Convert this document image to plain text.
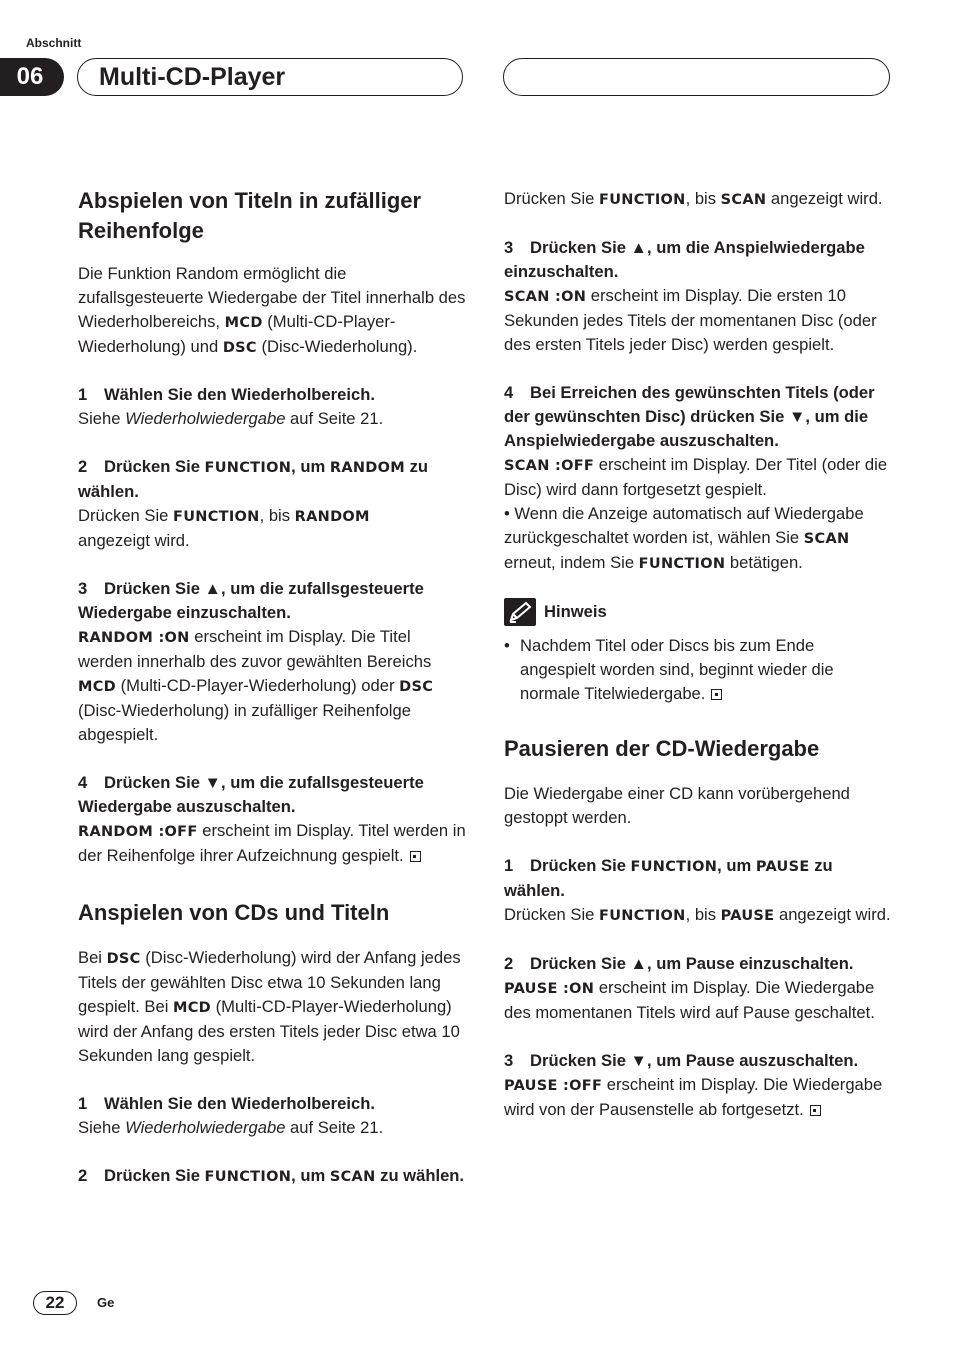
Abschnitt
06	Multi-CD-Player
Abspielen von Titeln in zufälliger Reihenfolge

Die Funktion Random ermöglicht die zufallsgesteuerte Wiedergabe der Titel innerhalb des Wiederholbereichs, MCD (Multi-CD-Player-Wiederholung) und DSC (Disc-Wiederholung).

1 Wählen Sie den Wiederholbereich.

Siehe Wiederholwiedergabe auf Seite 21.

2 Drücken Sie FUNCTION, um RANDOM zu wählen.

Drücken Sie FUNCTION, bis RANDOM
angezeigt wird.

3 Drücken Sie ▲, um die zufallsgesteuerte Wiedergabe einzuschalten.

RANDOM :ON erscheint im Display. Die Titel werden innerhalb des zuvor gewählten Bereichs MCD (Multi-CD-Player-Wiederholung) oder DSC (Disc-Wiederholung) in zufälliger Reihenfolge abgespielt.

4 Drücken Sie ▼, um die zufallsgesteuerte Wiedergabe auszuschalten.

RANDOM :OFF erscheint im Display. Titel werden in der Reihenfolge ihrer Aufzeichnung gespielt.

Anspielen von CDs und Titeln

Bei DSC (Disc-Wiederholung) wird der Anfang jedes Titels der gewählten Disc etwa 10 Sekunden lang gespielt. Bei MCD (Multi-CD-Player-Wiederholung) wird der Anfang des ersten Titels jeder Disc etwa 10 Sekunden lang gespielt.

1 Wählen Sie den Wiederholbereich.

Siehe Wiederholwiedergabe auf Seite 21.

2 Drücken Sie FUNCTION, um SCAN zu wählen.

Drücken Sie FUNCTION, bis SCAN angezeigt wird.

3 Drücken Sie ▲, um die Anspielwiedergabe einzuschalten.

SCAN :ON erscheint im Display. Die ersten 10 Sekunden jedes Titels der momentanen Disc (oder des ersten Titels jeder Disc) werden gespielt.

4 Bei Erreichen des gewünschten Titels (oder der gewünschten Disc) drücken Sie ▼, um die Anspielwiedergabe auszuschalten.

SCAN :OFF erscheint im Display. Der Titel (oder die Disc) wird dann fortgesetzt gespielt.

• Wenn die Anzeige automatisch auf Wiedergabe zurückgeschaltet worden ist, wählen Sie SCAN erneut, indem Sie FUNCTION betätigen.

Hinweis
• Nachdem Titel oder Discs bis zum Ende angespielt worden sind, beginnt wieder die normale Titelwiedergabe.
Pausieren der CD-Wiedergabe

Die Wiedergabe einer CD kann vorübergehend gestoppt werden.

1 Drücken Sie FUNCTION, um PAUSE zu wählen.

Drücken Sie FUNCTION, bis PAUSE angezeigt wird.

2 Drücken Sie ▲, um Pause einzuschalten.

PAUSE :ON erscheint im Display. Die Wiedergabe des momentanen Titels wird auf Pause geschaltet.

3 Drücken Sie ▼, um Pause auszuschalten.

PAUSE :OFF erscheint im Display. Die Wiedergabe wird von der Pausenstelle ab fortgesetzt.

22	Ge
